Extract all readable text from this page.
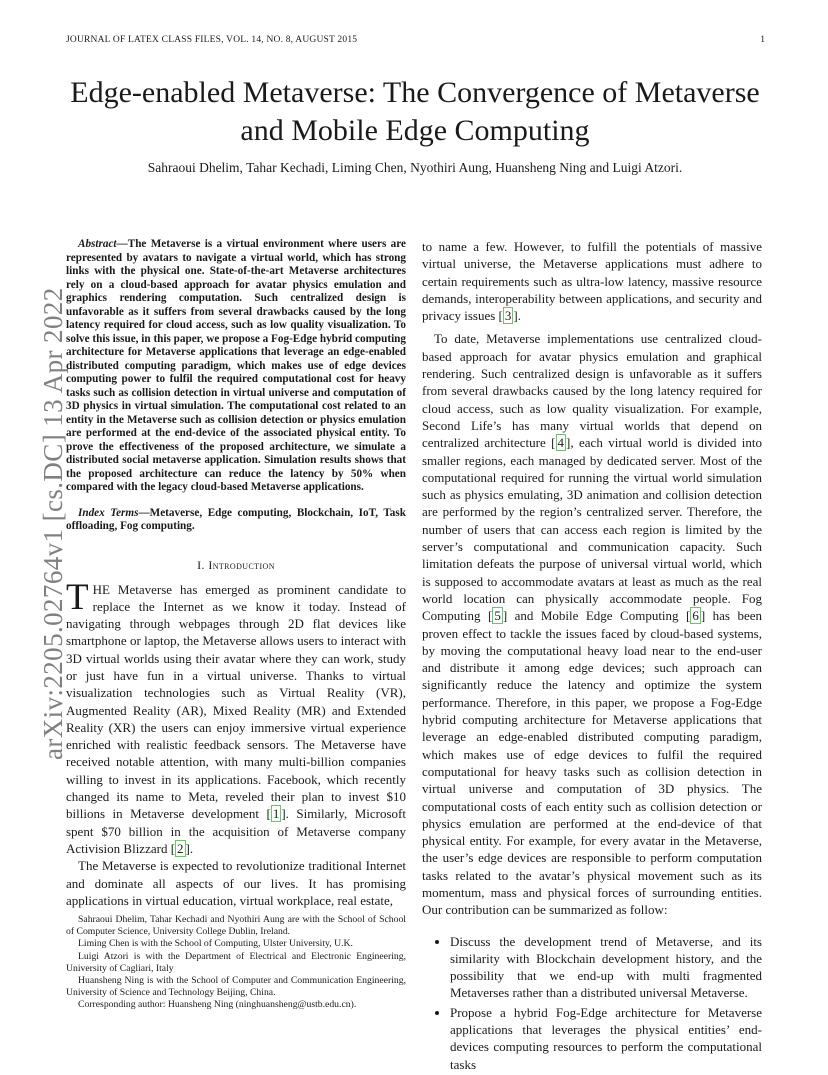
JOURNAL OF LATEX CLASS FILES, VOL. 14, NO. 8, AUGUST 2015	1
arXiv:2205.02764v1 [cs.DC] 13 Apr 2022
Edge-enabled Metaverse: The Convergence of Metaverse and Mobile Edge Computing
Sahraoui Dhelim, Tahar Kechadi, Liming Chen, Nyothiri Aung, Huansheng Ning and Luigi Atzori.

Abstract—The Metaverse is a virtual environment where users are represented by avatars to navigate a virtual world, which has strong links with the physical one. State-of-the-art Metaverse architectures rely on a cloud-based approach for avatar physics emulation and graphics rendering computation. Such centralized design is unfavorable as it suffers from several drawbacks caused by the long latency required for cloud access, such as low quality visualization. To solve this issue, in this paper, we propose a Fog-Edge hybrid computing architecture for Metaverse applications that leverage an edge-enabled distributed computing paradigm, which makes use of edge devices computing power to fulfil the required computational cost for heavy tasks such as collision detection in virtual universe and computation of 3D physics in virtual simulation. The computational cost related to an entity in the Metaverse such as collision detection or physics emulation are performed at the end-device of the associated physical entity. To prove the effectiveness of the proposed architecture, we simulate a distributed social metaverse application. Simulation results shows that the proposed architecture can reduce the latency by 50% when compared with the legacy cloud-based Metaverse applications.

Index Terms—Metaverse, Edge computing, Blockchain, IoT, Task offloading, Fog computing.

I. Introduction

THE Metaverse has emerged as prominent candidate to replace the Internet as we know it today. Instead of navigating through webpages through 2D flat devices like smartphone or laptop, the Metaverse allows users to interact with 3D virtual worlds using their avatar where they can work, study or just have fun in a virtual universe. Thanks to virtual visualization technologies such as Virtual Reality (VR), Augmented Reality (AR), Mixed Reality (MR) and Extended Reality (XR) the users can enjoy immersive virtual experience enriched with realistic feedback sensors. The Metaverse have received notable attention, with many multi-billion companies willing to invest in its applications. Facebook, which recently changed its name to Meta, reveled their plan to invest $10 billions in Metaverse development [ 1 ]. Similarly, Microsoft spent $70 billion in the acquisition of Metaverse company Activision Blizzard [ 2 ].

The Metaverse is expected to revolutionize traditional Internet and dominate all aspects of our lives. It has promising applications in virtual education, virtual workplace, real estate,

Sahraoui Dhelim, Tahar Kechadi and Nyothiri Aung are with the School of School of Computer Science, University College Dublin, Ireland.

Liming Chen is with the School of Computing, Ulster University, U.K.

Luigi Atzori is with the Department of Electrical and Electronic Engineering, University of Cagliari, Italy

Huansheng Ning is with the School of Computer and Communication Engineering, University of Science and Technology Beijing, China.

Corresponding author: Huansheng Ning (ninghuansheng@ustb.edu.cn).

to name a few. However, to fulfill the potentials of massive virtual universe, the Metaverse applications must adhere to certain requirements such as ultra-low latency, massive resource demands, interoperability between applications, and security and privacy issues [ 3 ].

To date, Metaverse implementations use centralized cloud-based approach for avatar physics emulation and graphical rendering. Such centralized design is unfavorable as it suffers from several drawbacks caused by the long latency required for cloud access, such as low quality visualization. For example, Second Life’s has many virtual worlds that depend on centralized architecture [ 4 ], each virtual world is divided into smaller regions, each managed by dedicated server. Most of the computational required for running the virtual world simulation such as physics emulating, 3D animation and collision detection are performed by the region’s centralized server. Therefore, the number of users that can access each region is limited by the server’s computational and communication capacity. Such limitation defeats the purpose of universal virtual world, which is supposed to accommodate avatars at least as much as the real world location can physically accommodate people. Fog Computing [ 5 ] and Mobile Edge Computing [ 6 ] has been proven effect to tackle the issues faced by cloud-based systems, by moving the computational heavy load near to the end-user and distribute it among edge devices; such approach can significantly reduce the latency and optimize the system performance. Therefore, in this paper, we propose a Fog-Edge hybrid computing architecture for Metaverse applications that leverage an edge-enabled distributed computing paradigm, which makes use of edge devices to fulfil the required computational for heavy tasks such as collision detection in virtual universe and computation of 3D physics. The computational costs of each entity such as collision detection or physics emulation are performed at the end-device of that physical entity. For example, for every avatar in the Metaverse, the user’s edge devices are responsible to perform computation tasks related to the avatar’s physical movement such as its momentum, mass and physical forces of surrounding entities. Our contribution can be summarized as follow:

• Discuss the development trend of Metaverse, and its similarity with Blockchain development history, and the possibility that we end-up with multi fragmented Metaverses rather than a distributed universal Metaverse.
• Propose a hybrid Fog-Edge architecture for Metaverse applications that leverages the physical entities’ end-devices computing resources to perform the computational tasks
